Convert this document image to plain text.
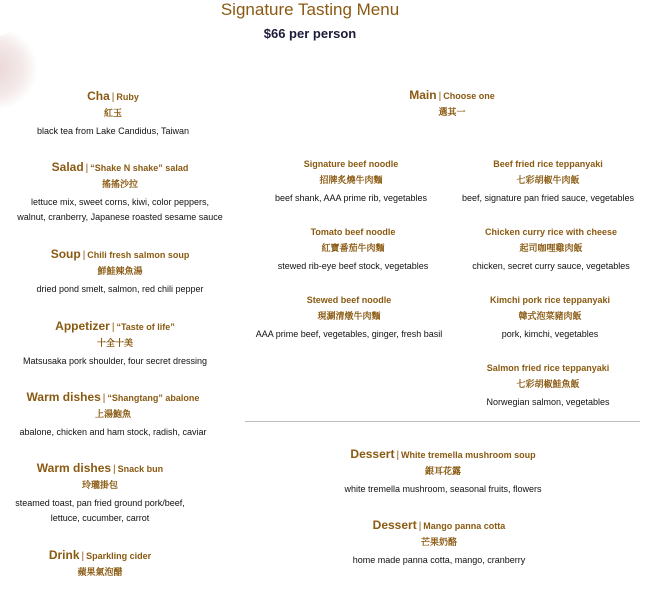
Signature Tasting Menu
$66 per person
Cha | Ruby
紅玉
black tea from Lake Candidus, Taiwan
Salad | “Shake N shake” salad
搖搖沙拉
lettuce mix, sweet corns, kiwi, color peppers,
walnut, cranberry, Japanese roasted sesame sauce
Soup | Chili fresh salmon soup
鮮鮭辣魚湯
dried pond smelt, salmon, red chili pepper
Appetizer | “Taste of life”
十全十美
Matsusaka pork shoulder, four secret dressing
Warm dishes | “Shangtang” abalone
上湯鮑魚
abalone, chicken and ham stock, radish, caviar
Warm dishes | Snack bun
玲瓏掛包
steamed toast, pan fried ground pork/beef,
lettuce, cucumber, carrot
Drink | Sparkling cider
蘋果氣泡醋
Main | Choose one
選其一
Signature beef noodle
招牌炙燒牛肉麵
beef shank, AAA prime rib, vegetables
Beef fried rice teppanyaki
七彩胡椒牛肉飯
beef, signature pan fried sauce, vegetables
Tomato beef noodle
紅寶番茄牛肉麵
stewed rib-eye beef stock, vegetables
Chicken curry rice with cheese
起司咖哩雞肉飯
chicken, secret curry sauce, vegetables
Stewed beef noodle
現涮清燉牛肉麵
AAA prime beef, vegetables, ginger, fresh basil
Kimchi pork rice teppanyaki
韓式泡菜豬肉飯
pork, kimchi, vegetables
Salmon fried rice teppanyaki
七彩胡椒鮭魚飯
Norwegian salmon, vegetables
Dessert | White tremella mushroom soup
銀耳花露
white tremella mushroom, seasonal fruits, flowers
Dessert | Mango panna cotta
芒果奶酪
home made panna cotta, mango, cranberry
